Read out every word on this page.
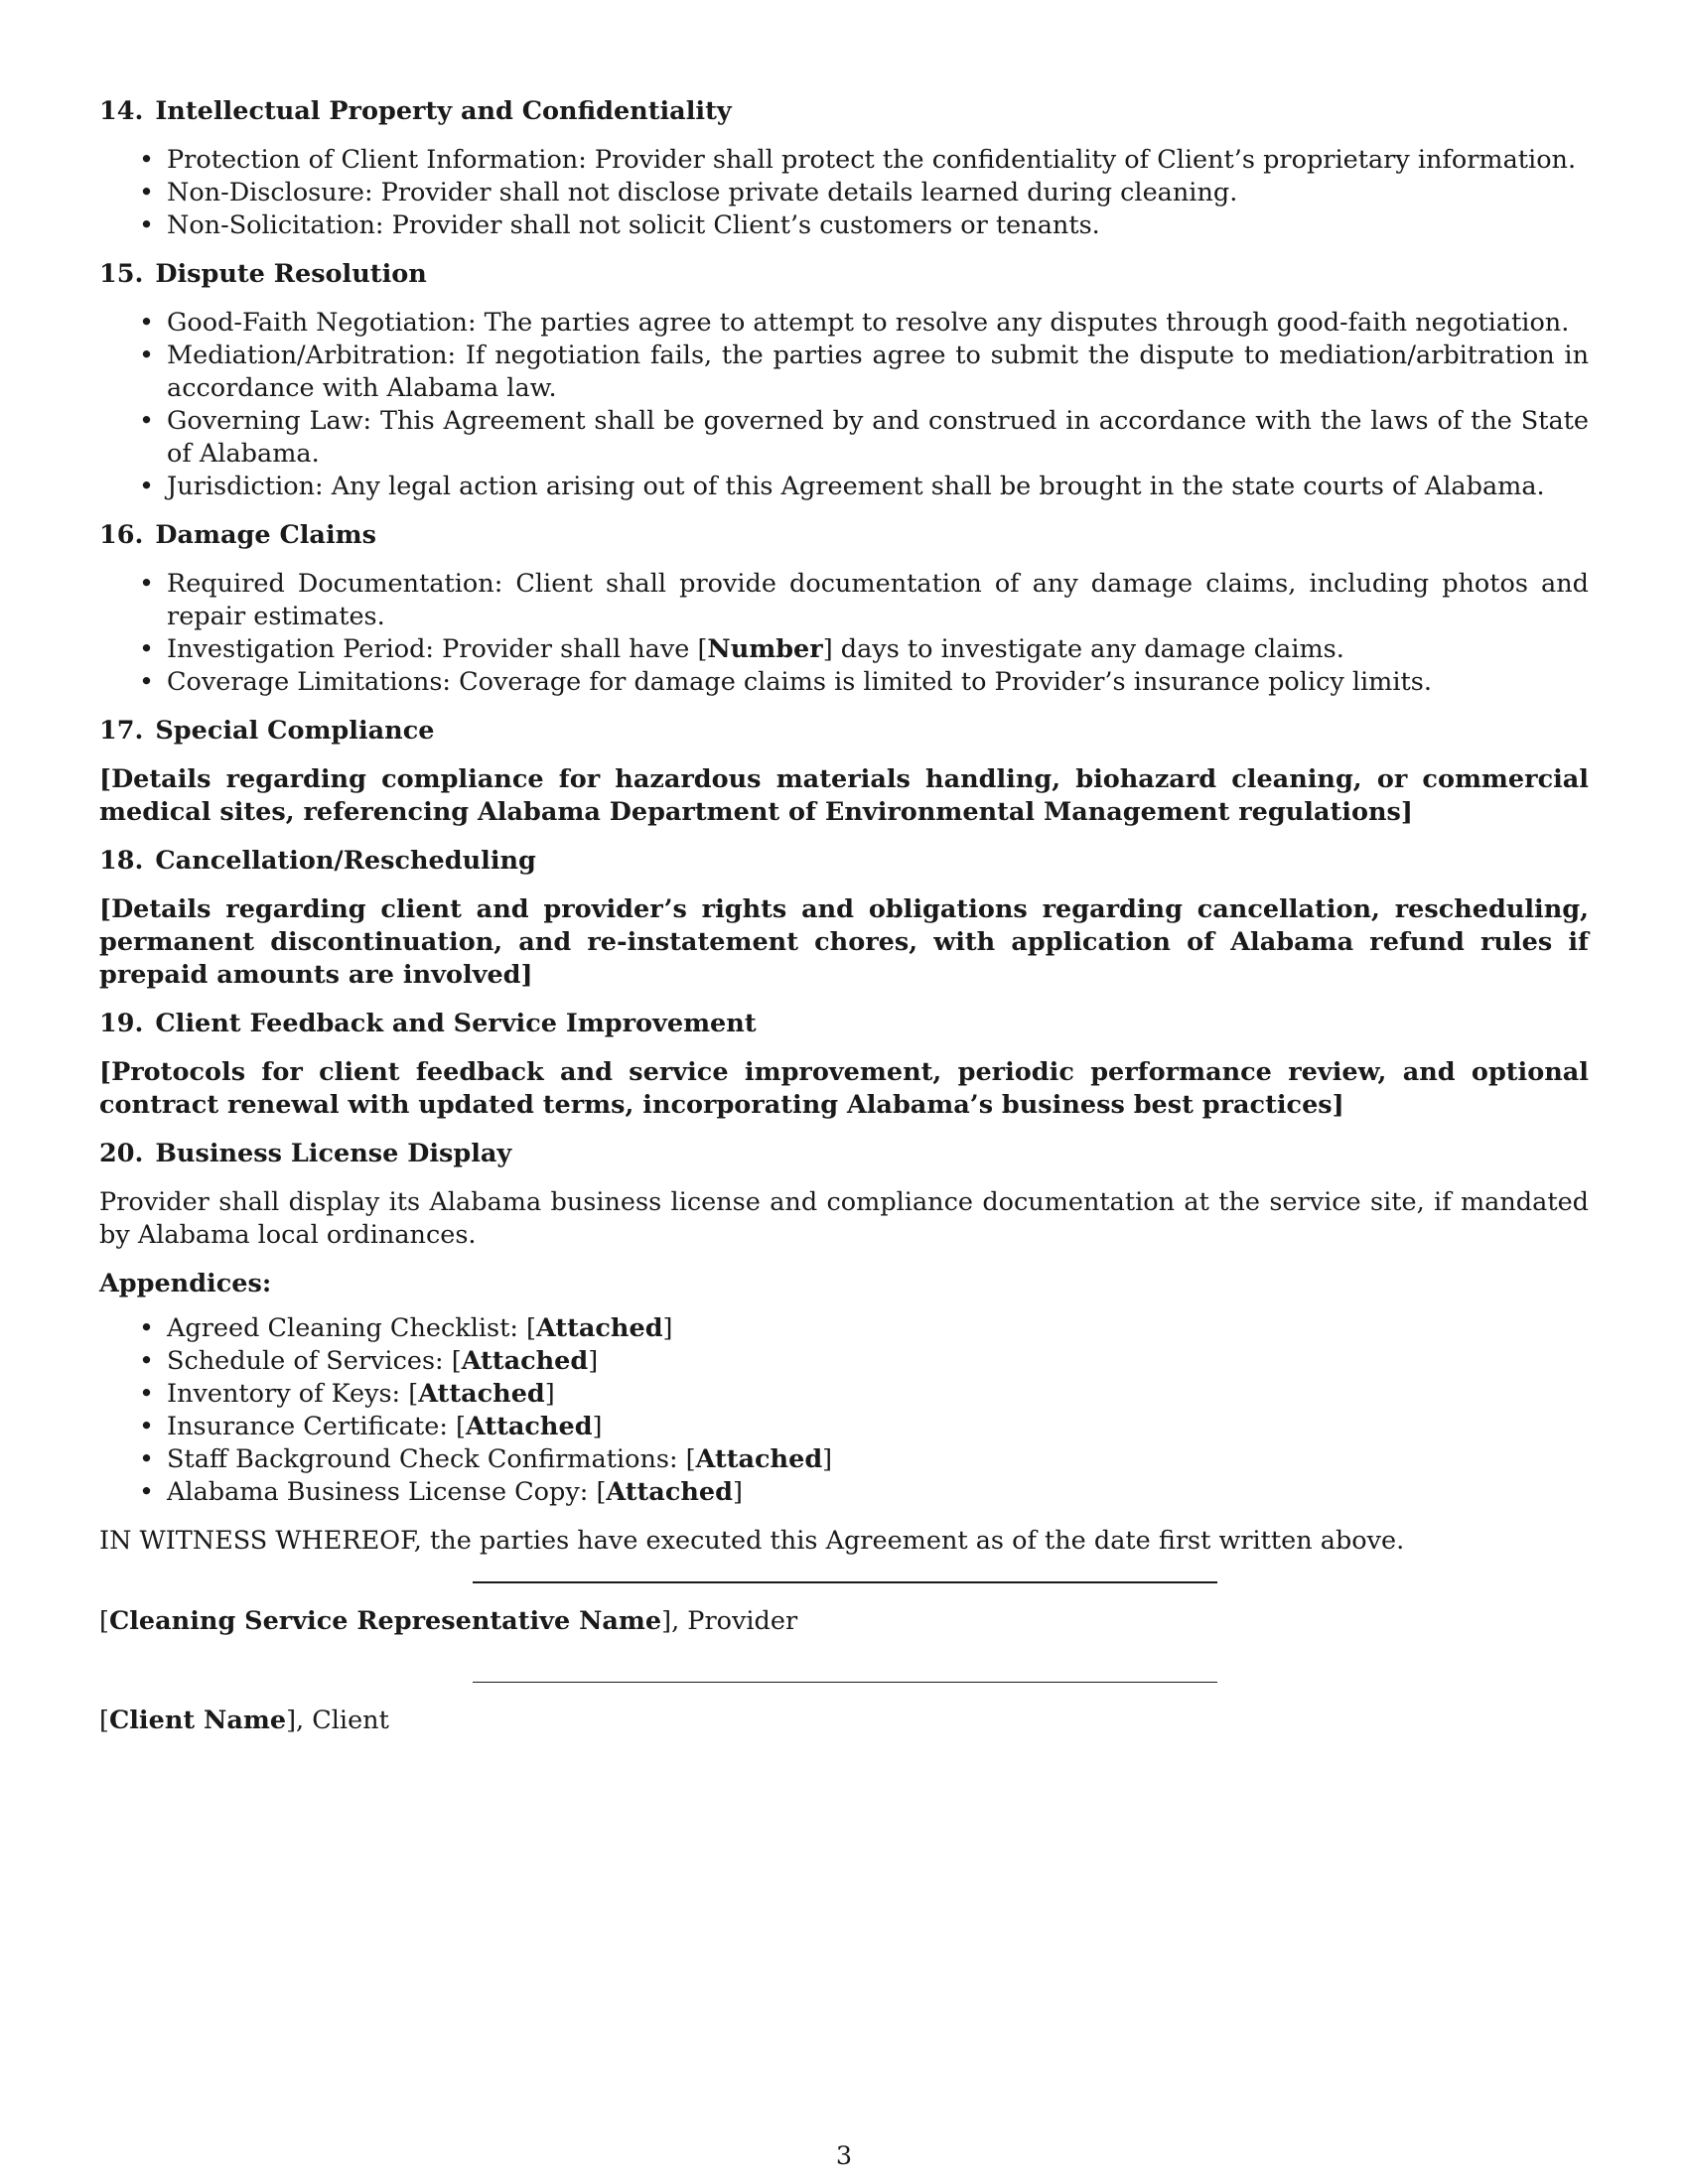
14. Intellectual Property and Confidentiality
• Protection of Client Information: Provider shall protect the confidentiality of Client’s proprietary information.
• Non-Disclosure: Provider shall not disclose private details learned during cleaning.
• Non-Solicitation: Provider shall not solicit Client’s customers or tenants.
15. Dispute Resolution
• Good-Faith Negotiation: The parties agree to attempt to resolve any disputes through good-faith negotiation.
• Mediation/Arbitration: If negotiation fails, the parties agree to submit the dispute to mediation/arbitration in accordance with Alabama law.
• Governing Law: This Agreement shall be governed by and construed in accordance with the laws of the State of Alabama.
• Jurisdiction: Any legal action arising out of this Agreement shall be brought in the state courts of Alabama.
16. Damage Claims
• Required Documentation: Client shall provide documentation of any damage claims, including photos and repair estimates.
• Investigation Period: Provider shall have [Number] days to investigate any damage claims.
• Coverage Limitations: Coverage for damage claims is limited to Provider’s insurance policy limits.
17. Special Compliance

[Details regarding compliance for hazardous materials handling, biohazard cleaning, or commercial medical sites, referencing Alabama Department of Environmental Management regulations]

18. Cancellation/Rescheduling

[Details regarding client and provider’s rights and obligations regarding cancellation, rescheduling, permanent discontinuation, and re-instatement chores, with application of Alabama refund rules if prepaid amounts are involved]

19. Client Feedback and Service Improvement

[Protocols for client feedback and service improvement, periodic performance review, and optional contract renewal with updated terms, incorporating Alabama’s business best practices]

20. Business License Display

Provider shall display its Alabama business license and compliance documentation at the service site, if mandated by Alabama local ordinances.

Appendices:

• Agreed Cleaning Checklist: [Attached]
• Schedule of Services: [Attached]
• Inventory of Keys: [Attached]
• Insurance Certificate: [Attached]
• Staff Background Check Confirmations: [Attached]
• Alabama Business License Copy: [Attached]

IN WITNESS WHEREOF, the parties have executed this Agreement as of the date first written above.

[Cleaning Service Representative Name], Provider
[Client Name], Client
3
